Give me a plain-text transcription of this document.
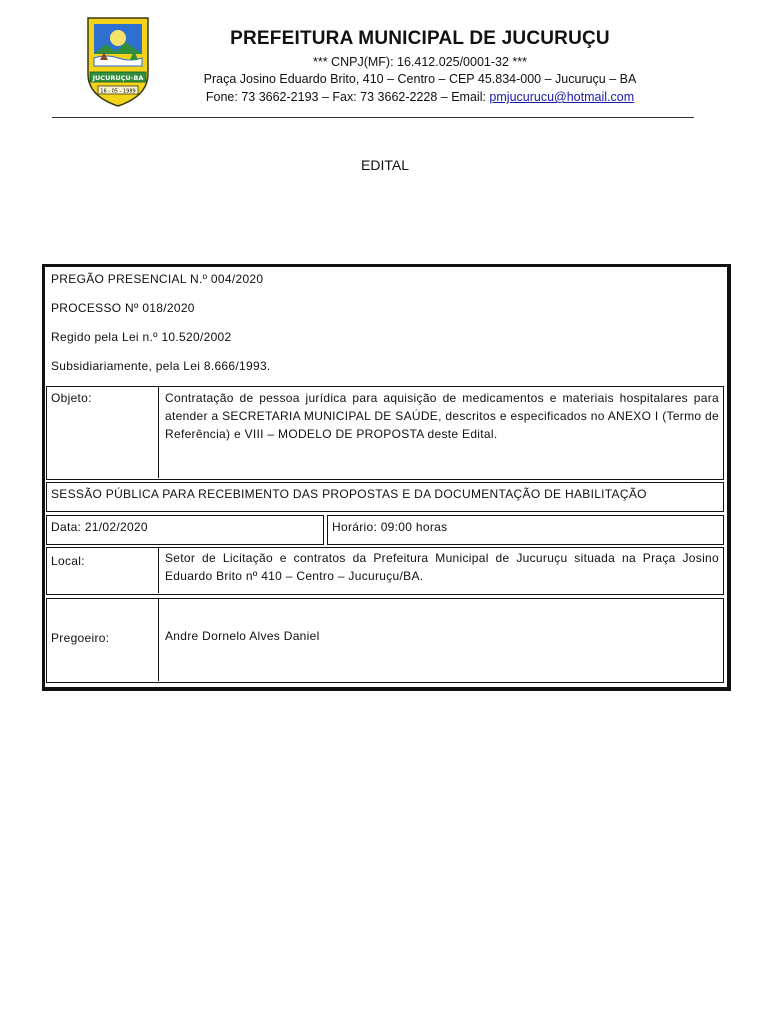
JUCURUÇU-BA
16 - 05 - 1989
PREFEITURA MUNICIPAL DE JUCURUÇU
*** CNPJ(MF): 16.412.025/0001-32 ***
Praça Josino Eduardo Brito, 410 – Centro – CEP 45.834-000 – Jucuruçu – BA
Fone: 73 3662-2193 – Fax: 73 3662-2228 – Email: pmjucurucu@hotmail.com
EDITAL
PREGÃO PRESENCIAL N.º 004/2020
PROCESSO Nº 018/2020
Regido pela Lei n.º 10.520/2002
Subsidiariamente, pela Lei 8.666/1993.
Objeto:	Contratação de pessoa jurídica para aquisição de medicamentos e materiais hospitalares para atender a SECRETARIA MUNICIPAL DE SAÚDE, descritos e especificados no ANEXO I (Termo de Referência) e VIII – MODELO DE PROPOSTA deste Edital.
SESSÃO PÚBLICA PARA RECEBIMENTO DAS PROPOSTAS E DA DOCUMENTAÇÃO DE HABILITAÇÃO
Data: 21/02/2020	Horário: 09:00 horas
Local:	Setor de Licitação e contratos da Prefeitura Municipal de Jucuruçu situada na Praça Josino Eduardo Brito nº 410 – Centro – Jucuruçu/BA.
Pregoeiro:	Andre Dornelo Alves Daniel
